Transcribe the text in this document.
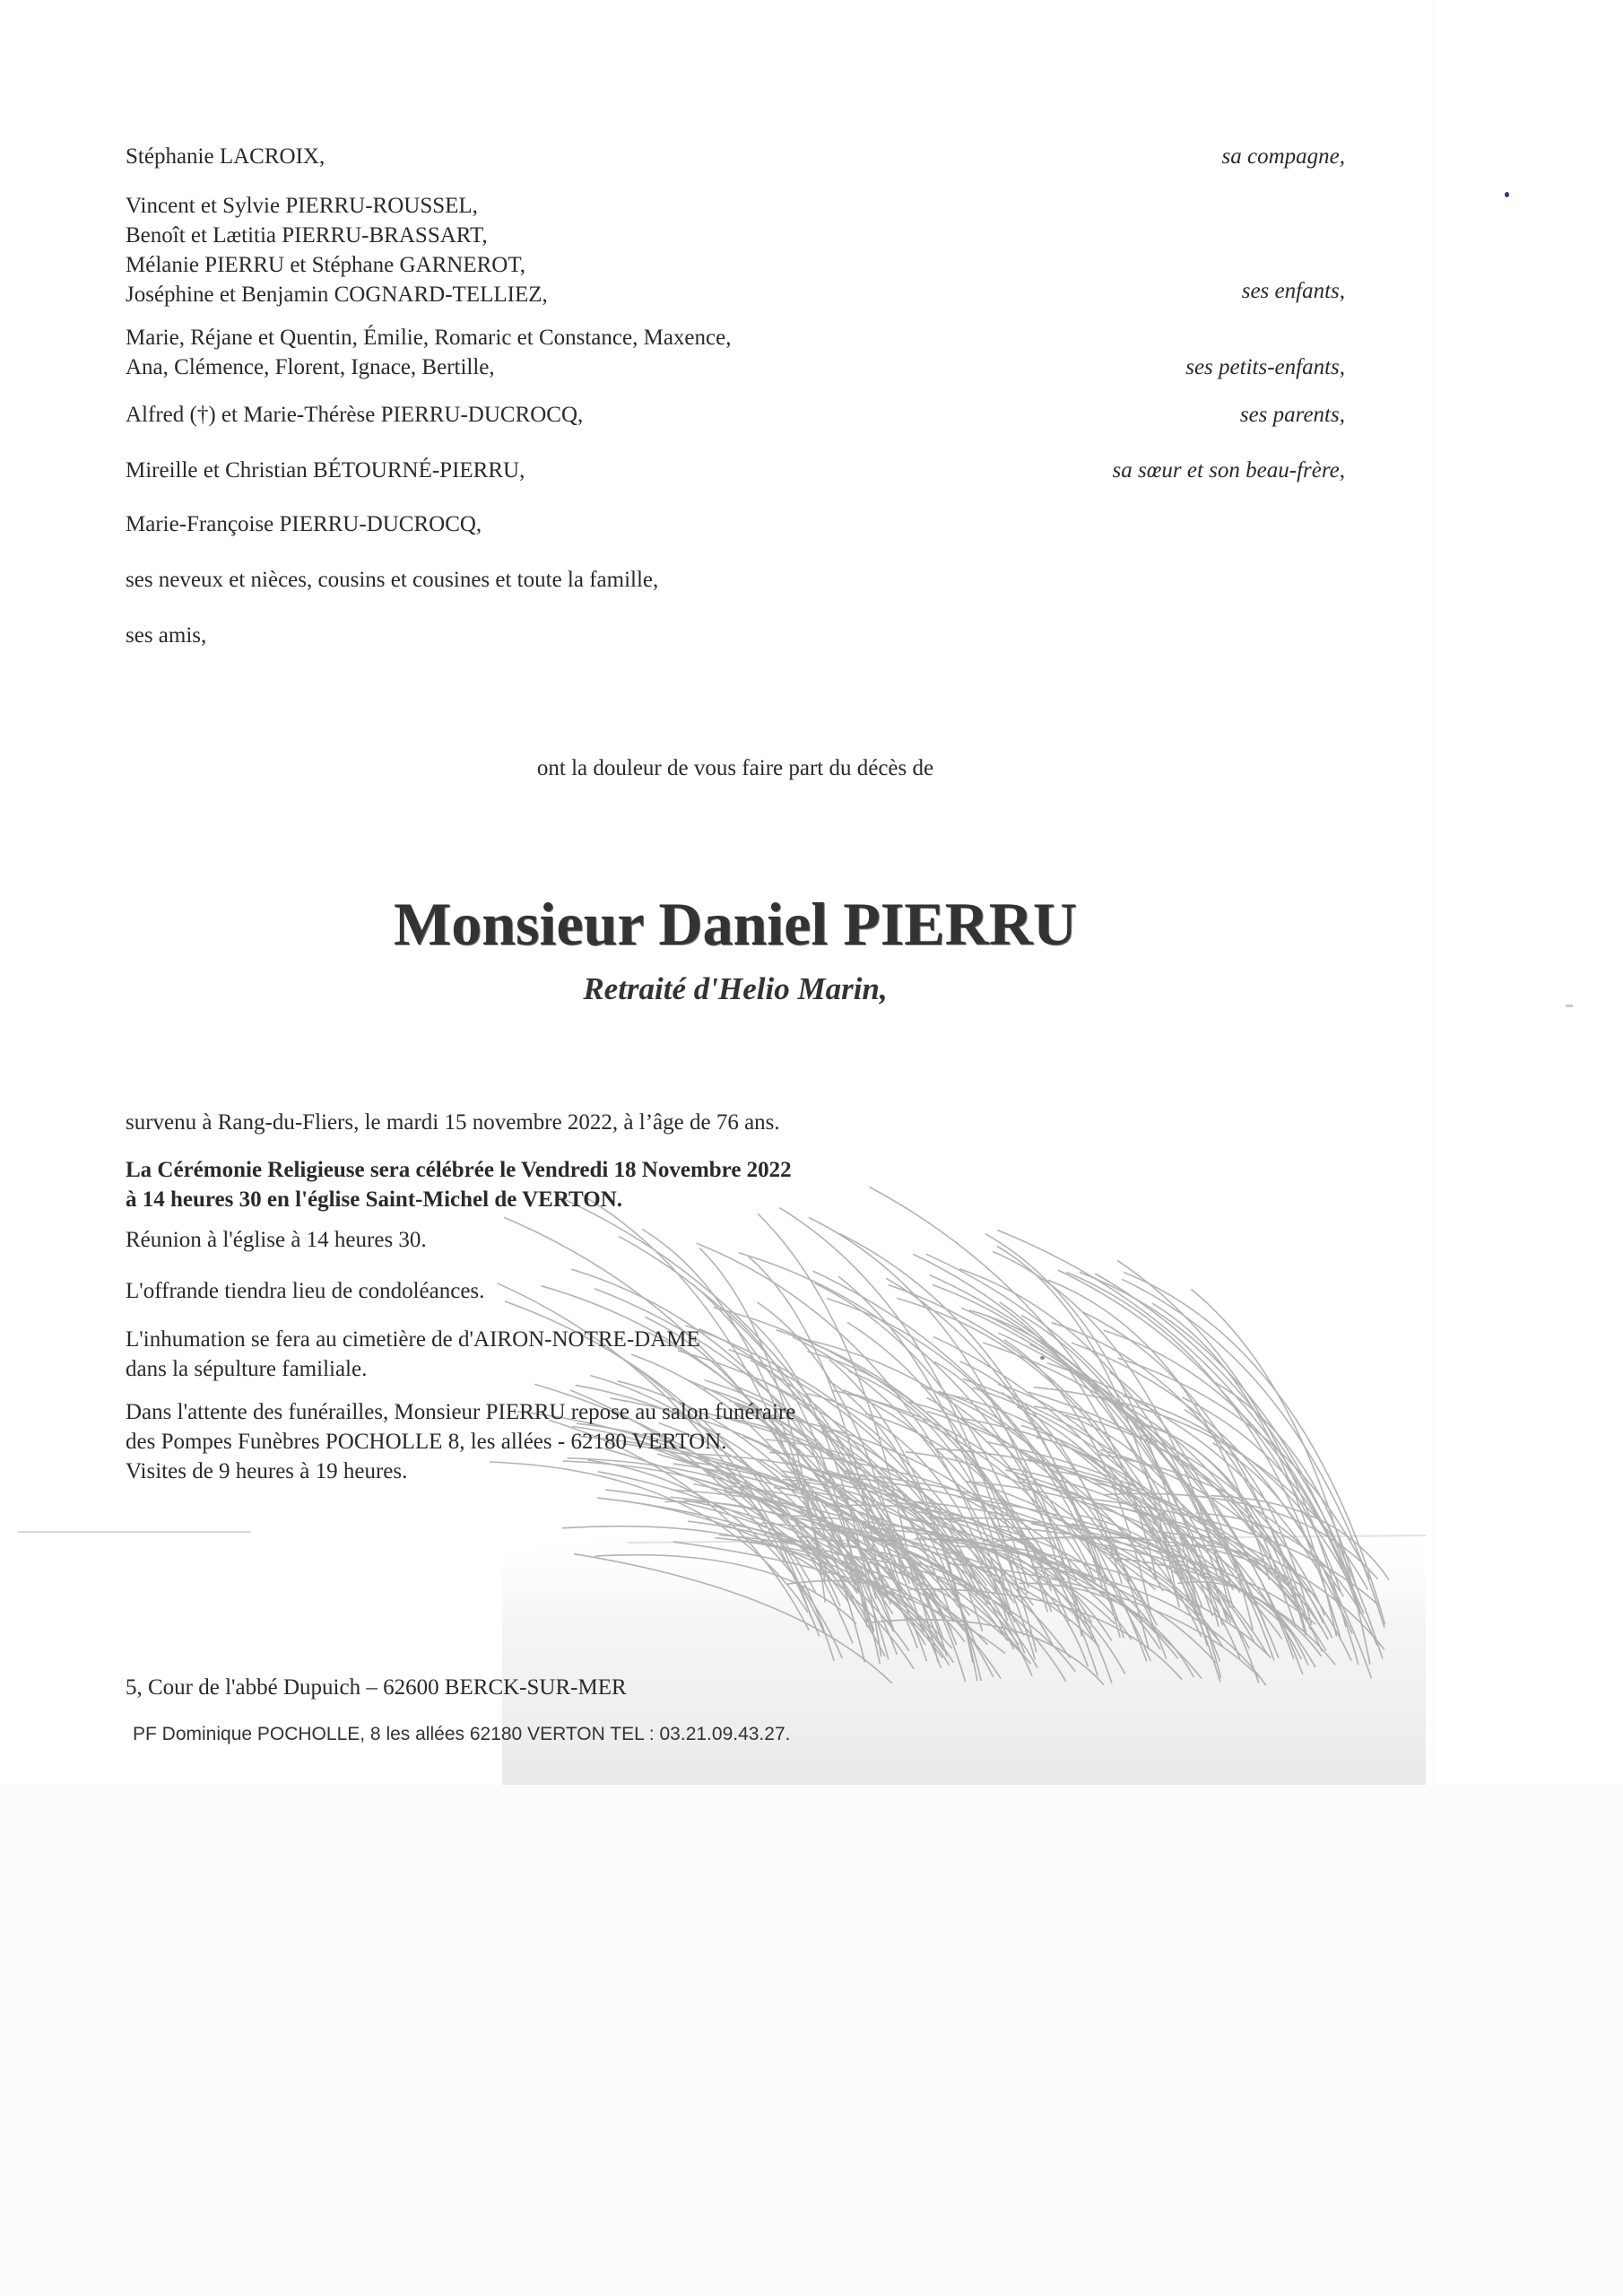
Stéphanie LACROIX,	sa compagne,
Vincent et Sylvie PIERRU-ROUSSEL,
Benoît et Lætitia PIERRU-BRASSART,
Mélanie PIERRU et Stéphane GARNEROT,
Joséphine et Benjamin COGNARD-TELLIEZ,	ses enfants,
Marie, Réjane et Quentin, Émilie, Romaric et Constance, Maxence,
Ana, Clémence, Florent, Ignace, Bertille,	ses petits-enfants,
Alfred (†) et Marie-Thérèse PIERRU-DUCROCQ,	ses parents,
Mireille et Christian BÉTOURNÉ-PIERRU,	sa sœur et son beau-frère,
Marie-Françoise PIERRU-DUCROCQ,
ses neveux et nièces, cousins et cousines et toute la famille,
ses amis,
ont la douleur de vous faire part du décès de
Monsieur Daniel PIERRU
Retraité d'Helio Marin,
survenu à Rang-du-Fliers, le mardi 15 novembre 2022, à l’âge de 76 ans.
La Cérémonie Religieuse sera célébrée le Vendredi 18 Novembre 2022
à 14 heures 30 en l'église Saint-Michel de VERTON.
Réunion à l'église à 14 heures 30.
L'offrande tiendra lieu de condoléances.
L'inhumation se fera au cimetière de d'AIRON-NOTRE-DAME
dans la sépulture familiale.
Dans l'attente des funérailles, Monsieur PIERRU repose au salon funéraire
des Pompes Funèbres POCHOLLE 8, les allées - 62180 VERTON.
Visites de 9 heures à 19 heures.
5, Cour de l'abbé Dupuich – 62600 BERCK-SUR-MER
PF Dominique POCHOLLE, 8 les allées 62180 VERTON TEL : 03.21.09.43.27.
